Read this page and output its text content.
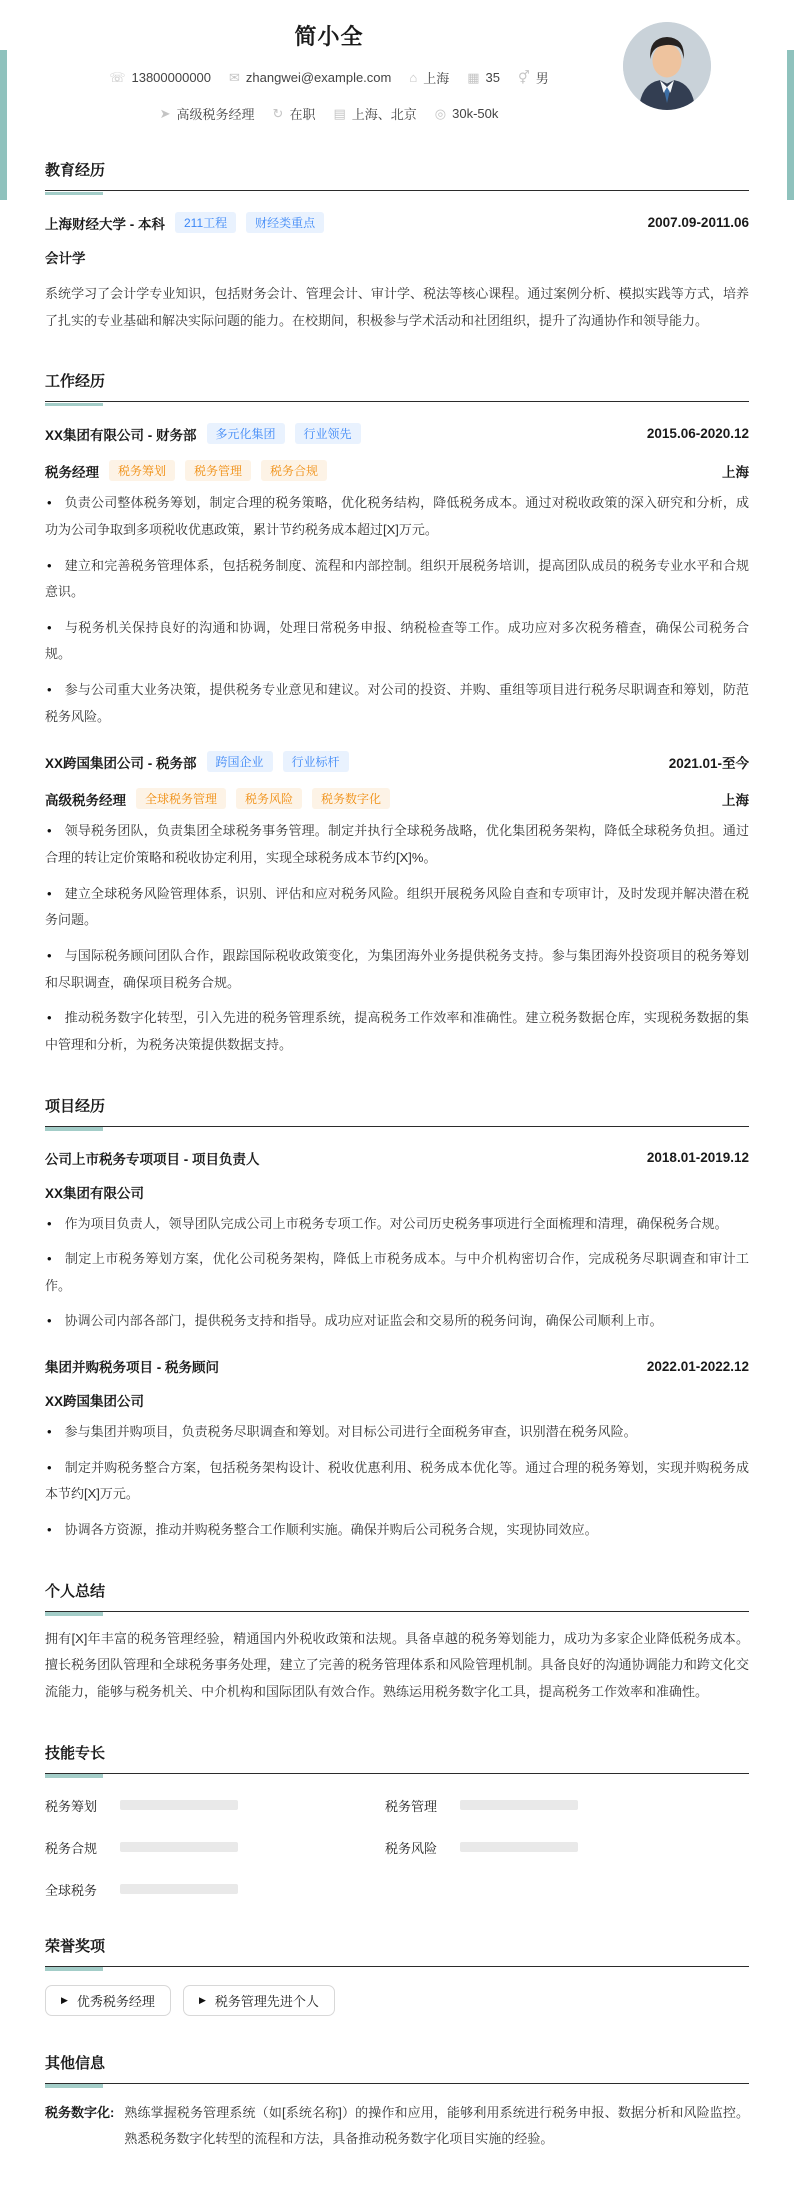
简小全
☏ 13800000000 ✉ zhangwei@example.com ⌂ 上海 ▦ 35 ⚥ 男
➤ 高级税务经理 ↻ 在职 ▤ 上海、北京 ◎ 30k-50k
教育经历
上海财经大学 - 本科	211工程	财经类重点	2007.09-2011.06
会计学
系统学习了会计学专业知识，包括财务会计、管理会计、审计学、税法等核心课程。通过案例分析、模拟实践等方式，培养了扎实的专业基础和解决实际问题的能力。在校期间，积极参与学术活动和社团组织，提升了沟通协作和领导能力。
工作经历
XX集团有限公司 - 财务部	多元化集团	行业领先	2015.06-2020.12
税务经理	税务筹划	税务管理	税务合规	上海
• 负责公司整体税务筹划，制定合理的税务策略，优化税务结构，降低税务成本。通过对税收政策的深入研究和分析，成功为公司争取到多项税收优惠政策，累计节约税务成本超过[X]万元。
• 建立和完善税务管理体系，包括税务制度、流程和内部控制。组织开展税务培训，提高团队成员的税务专业水平和合规意识。
• 与税务机关保持良好的沟通和协调，处理日常税务申报、纳税检查等工作。成功应对多次税务稽查，确保公司税务合规。
• 参与公司重大业务决策，提供税务专业意见和建议。对公司的投资、并购、重组等项目进行税务尽职调查和筹划，防范税务风险。
XX跨国集团公司 - 税务部	跨国企业	行业标杆	2021.01-至今
高级税务经理	全球税务管理	税务风险	税务数字化	上海
• 领导税务团队，负责集团全球税务事务管理。制定并执行全球税务战略，优化集团税务架构，降低全球税务负担。通过合理的转让定价策略和税收协定利用，实现全球税务成本节约[X]%。
• 建立全球税务风险管理体系，识别、评估和应对税务风险。组织开展税务风险自查和专项审计，及时发现并解决潜在税务问题。
• 与国际税务顾问团队合作，跟踪国际税收政策变化，为集团海外业务提供税务支持。参与集团海外投资项目的税务筹划和尽职调查，确保项目税务合规。
• 推动税务数字化转型，引入先进的税务管理系统，提高税务工作效率和准确性。建立税务数据仓库，实现税务数据的集中管理和分析，为税务决策提供数据支持。
项目经历
公司上市税务专项项目 - 项目负责人	2018.01-2019.12
XX集团有限公司
• 作为项目负责人，领导团队完成公司上市税务专项工作。对公司历史税务事项进行全面梳理和清理，确保税务合规。
• 制定上市税务筹划方案，优化公司税务架构，降低上市税务成本。与中介机构密切合作，完成税务尽职调查和审计工作。
• 协调公司内部各部门，提供税务支持和指导。成功应对证监会和交易所的税务问询，确保公司顺利上市。
集团并购税务项目 - 税务顾问	2022.01-2022.12
XX跨国集团公司
• 参与集团并购项目，负责税务尽职调查和筹划。对目标公司进行全面税务审查，识别潜在税务风险。
• 制定并购税务整合方案，包括税务架构设计、税收优惠利用、税务成本优化等。通过合理的税务筹划，实现并购税务成本节约[X]万元。
• 协调各方资源，推动并购税务整合工作顺利实施。确保并购后公司税务合规，实现协同效应。
个人总结
拥有[X]年丰富的税务管理经验，精通国内外税收政策和法规。具备卓越的税务筹划能力，成功为多家企业降低税务成本。擅长税务团队管理和全球税务事务处理，建立了完善的税务管理体系和风险管理机制。具备良好的沟通协调能力和跨文化交流能力，能够与税务机关、中介机构和国际团队有效合作。熟练运用税务数字化工具，提高税务工作效率和准确性。
技能专长
税务筹划	税务管理
税务合规	税务风险
全球税务
荣誉奖项
▶ 优秀税务经理	▶ 税务管理先进个人
其他信息
税务数字化: 熟练掌握税务管理系统（如[系统名称]）的操作和应用，能够利用系统进行税务申报、数据分析和风险监控。熟悉税务数字化转型的流程和方法，具备推动税务数字化项目实施的经验。
